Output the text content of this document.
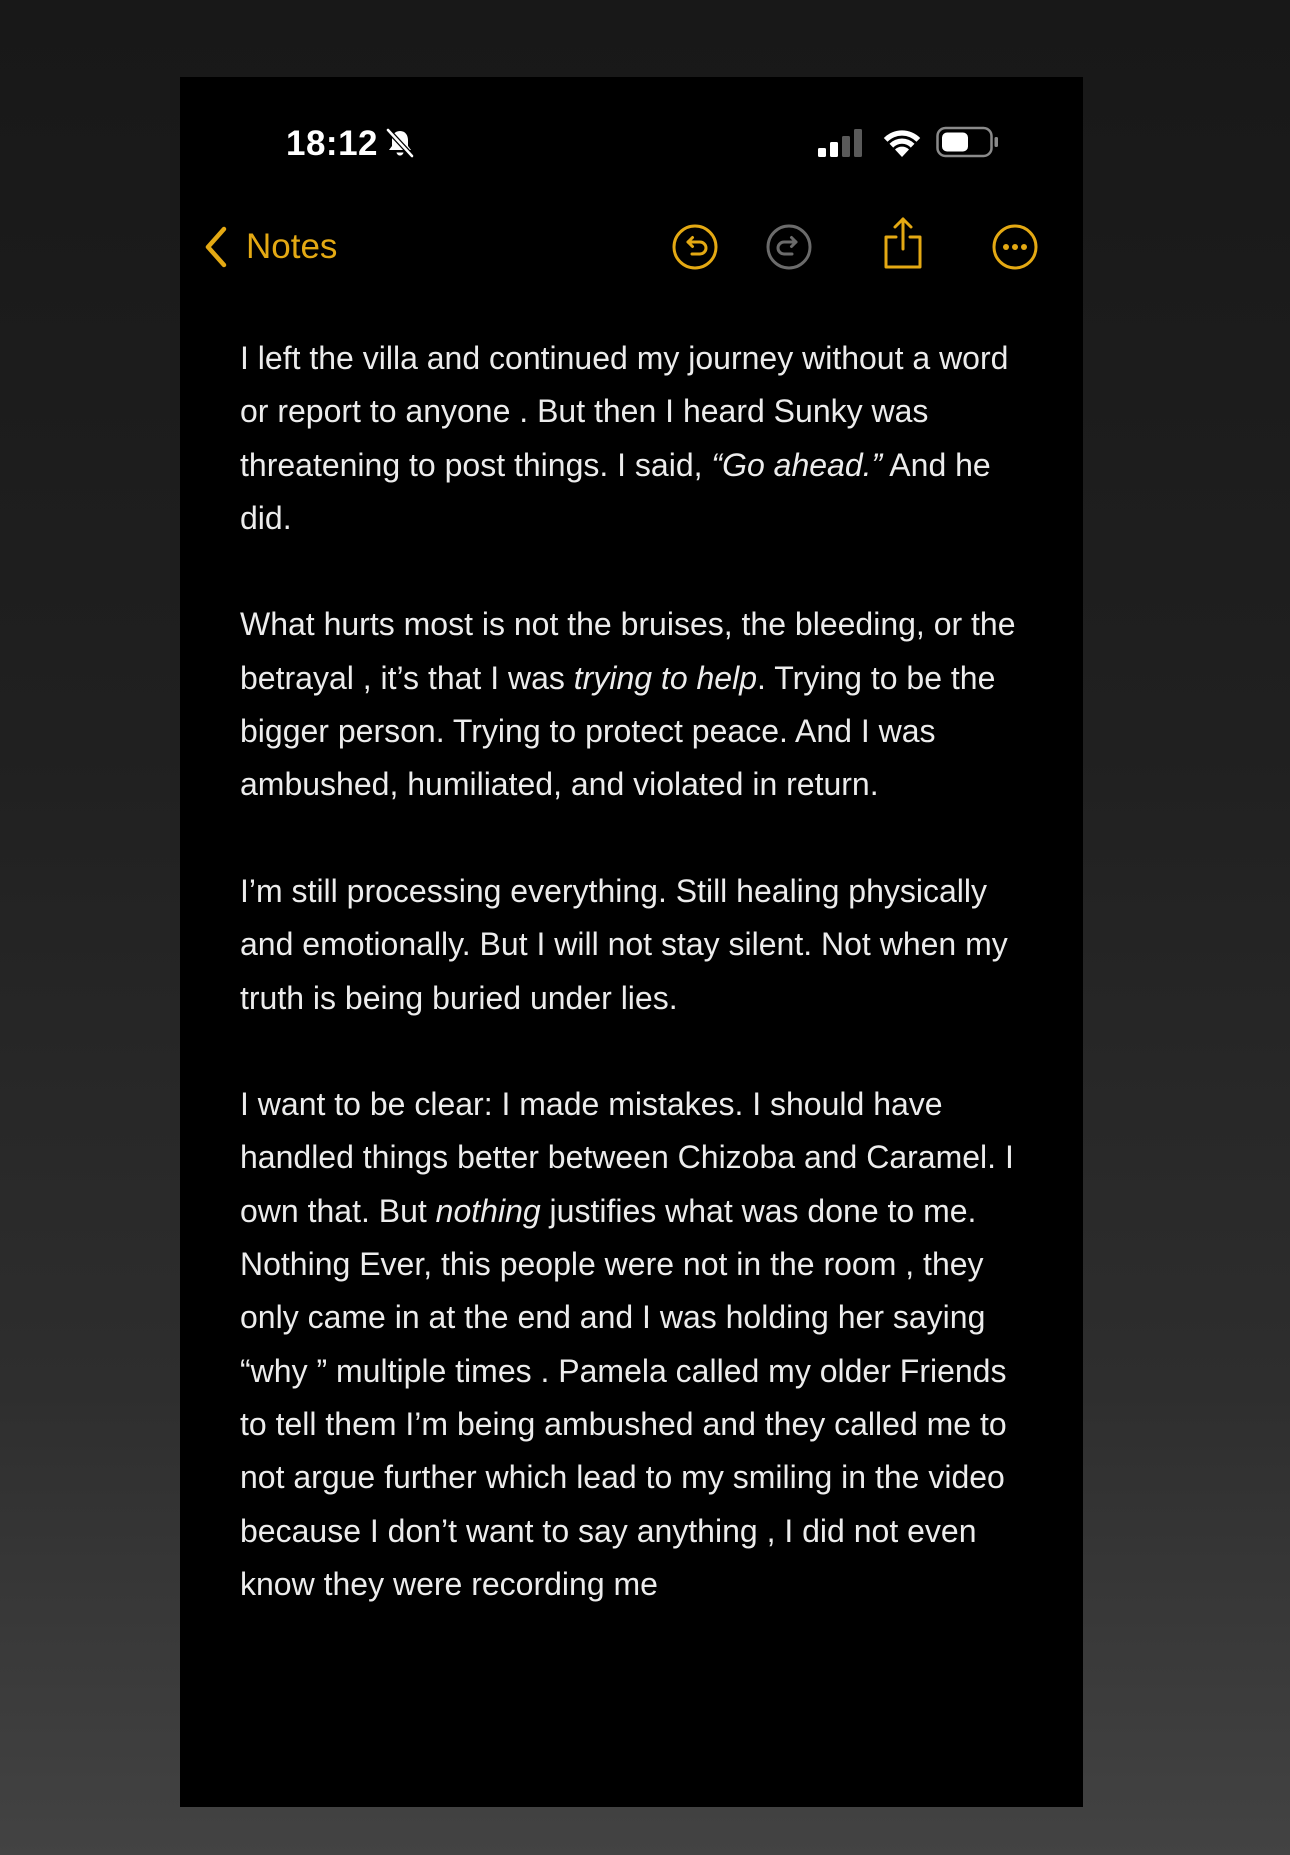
18:12
Notes

I left the villa and continued my journey without a word or report to anyone . But then I heard Sunky was threatening to post things. I said, “Go ahead.” And he did.

What hurts most is not the bruises, the bleeding, or the betrayal , it’s that I was trying to help. Trying to be the bigger person. Trying to protect peace. And I was ambushed, humiliated, and violated in return.

I’m still processing everything. Still healing physically and emotionally. But I will not stay silent. Not when my truth is being buried under lies.

I want to be clear: I made mistakes. I should have handled things better between Chizoba and Caramel. I own that. But nothing justifies what was done to me. Nothing Ever, this people were not in the room , they only came in at the end and I was holding her saying “why ” multiple times . Pamela called my older Friends to tell them I’m being ambushed and they called me to not argue further which lead to my smiling in the video because I don’t want to say anything , I did not even know they were recording me
